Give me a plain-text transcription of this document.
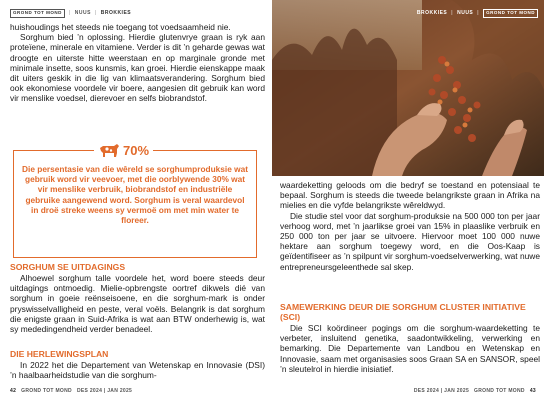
GROND TOT MOND	| NUUS | BROKKIES

huishoudings het steeds nie toegang tot voedsaamheid nie.

Sorghum bied ’n oplossing. Hierdie glutenvrye graan is ryk aan proteïene, minerale en vitamiene. Verder is dit ’n geharde gewas wat droogte en uiterste hitte weerstaan en op marginale gronde met minimale insette, soos kunsmis, kan groei. Hierdie eienskappe maak dit uiters geskik in die lig van klimaatsverandering. Sorghum bied ook ekonomiese voordele vir boere, aangesien dit gebruik kan word vir menslike voedsel, dierevoer en selfs biobrandstof.

70%
Die persentasie van die wêreld se sorghumproduksie wat gebruik word vir veevoer, met die oorblywende 30% wat vir menslike verbruik, biobrandstof en industriële gebruike aangewend word. Sorghum is veral waardevol in droë streke weens sy vermoë om met min water te floreer.
SORGHUM SE UITDAGINGS

Alhoewel sorghum talle voordele het, word boere steeds deur uitdagings ontmoedig. Mielie-opbrengste oortref dikwels dié van sorghum in goeie reënseisoene, en die sorghum-mark is onder pryswisselvalligheid en peste, veral voëls. Belangrik is dat sorghum die enigste graan in Suid-Afrika is wat aan BTW onderhewig is, wat sy mededingendheid verder benadeel.

DIE HERLEWINGSPLAN

In 2022 het die Departement van Wetenskap en Innovasie (DSI) ’n haalbaarheidstudie van die sorghum-

42 GROND TOT MOND DES 2024 | JAN 2025
BROKKIES | NUUS |	GROND TOT MOND

waardeketting geloods om die bedryf se toestand en potensiaal te bepaal. Sorghum is steeds die tweede belangrikste graan in Afrika na mielies en die vyfde belangrikste wêreldwyd.

Die studie stel voor dat sorghum-produksie na 500 000 ton per jaar verhoog word, met ’n jaarlikse groei van 15% in plaaslike verbruik en 250 000 ton per jaar se uitvoere. Hiervoor moet 100 000 nuwe hektare aan sorghum toegewy word, en die Oos-Kaap is geïdentifiseer as ’n spilpunt vir sorghum-voedselverwerking, wat nuwe entrepreneursgeleenthede sal skep.

SAMEWERKING DEUR DIE SORGHUM CLUSTER INITIATIVE (SCI)

Die SCI koördineer pogings om die sorghum-waardeketting te verbeter, insluitend genetika, saadontwikkeling, verwerking en bemarking. Die Departemente van Landbou en Wetenskap en Innovasie, saam met organisasies soos Graan SA en SANSOR, speel ’n sleutelrol in hierdie inisiatief.

DES 2024 | JAN 2025 GROND TOT MOND 43
